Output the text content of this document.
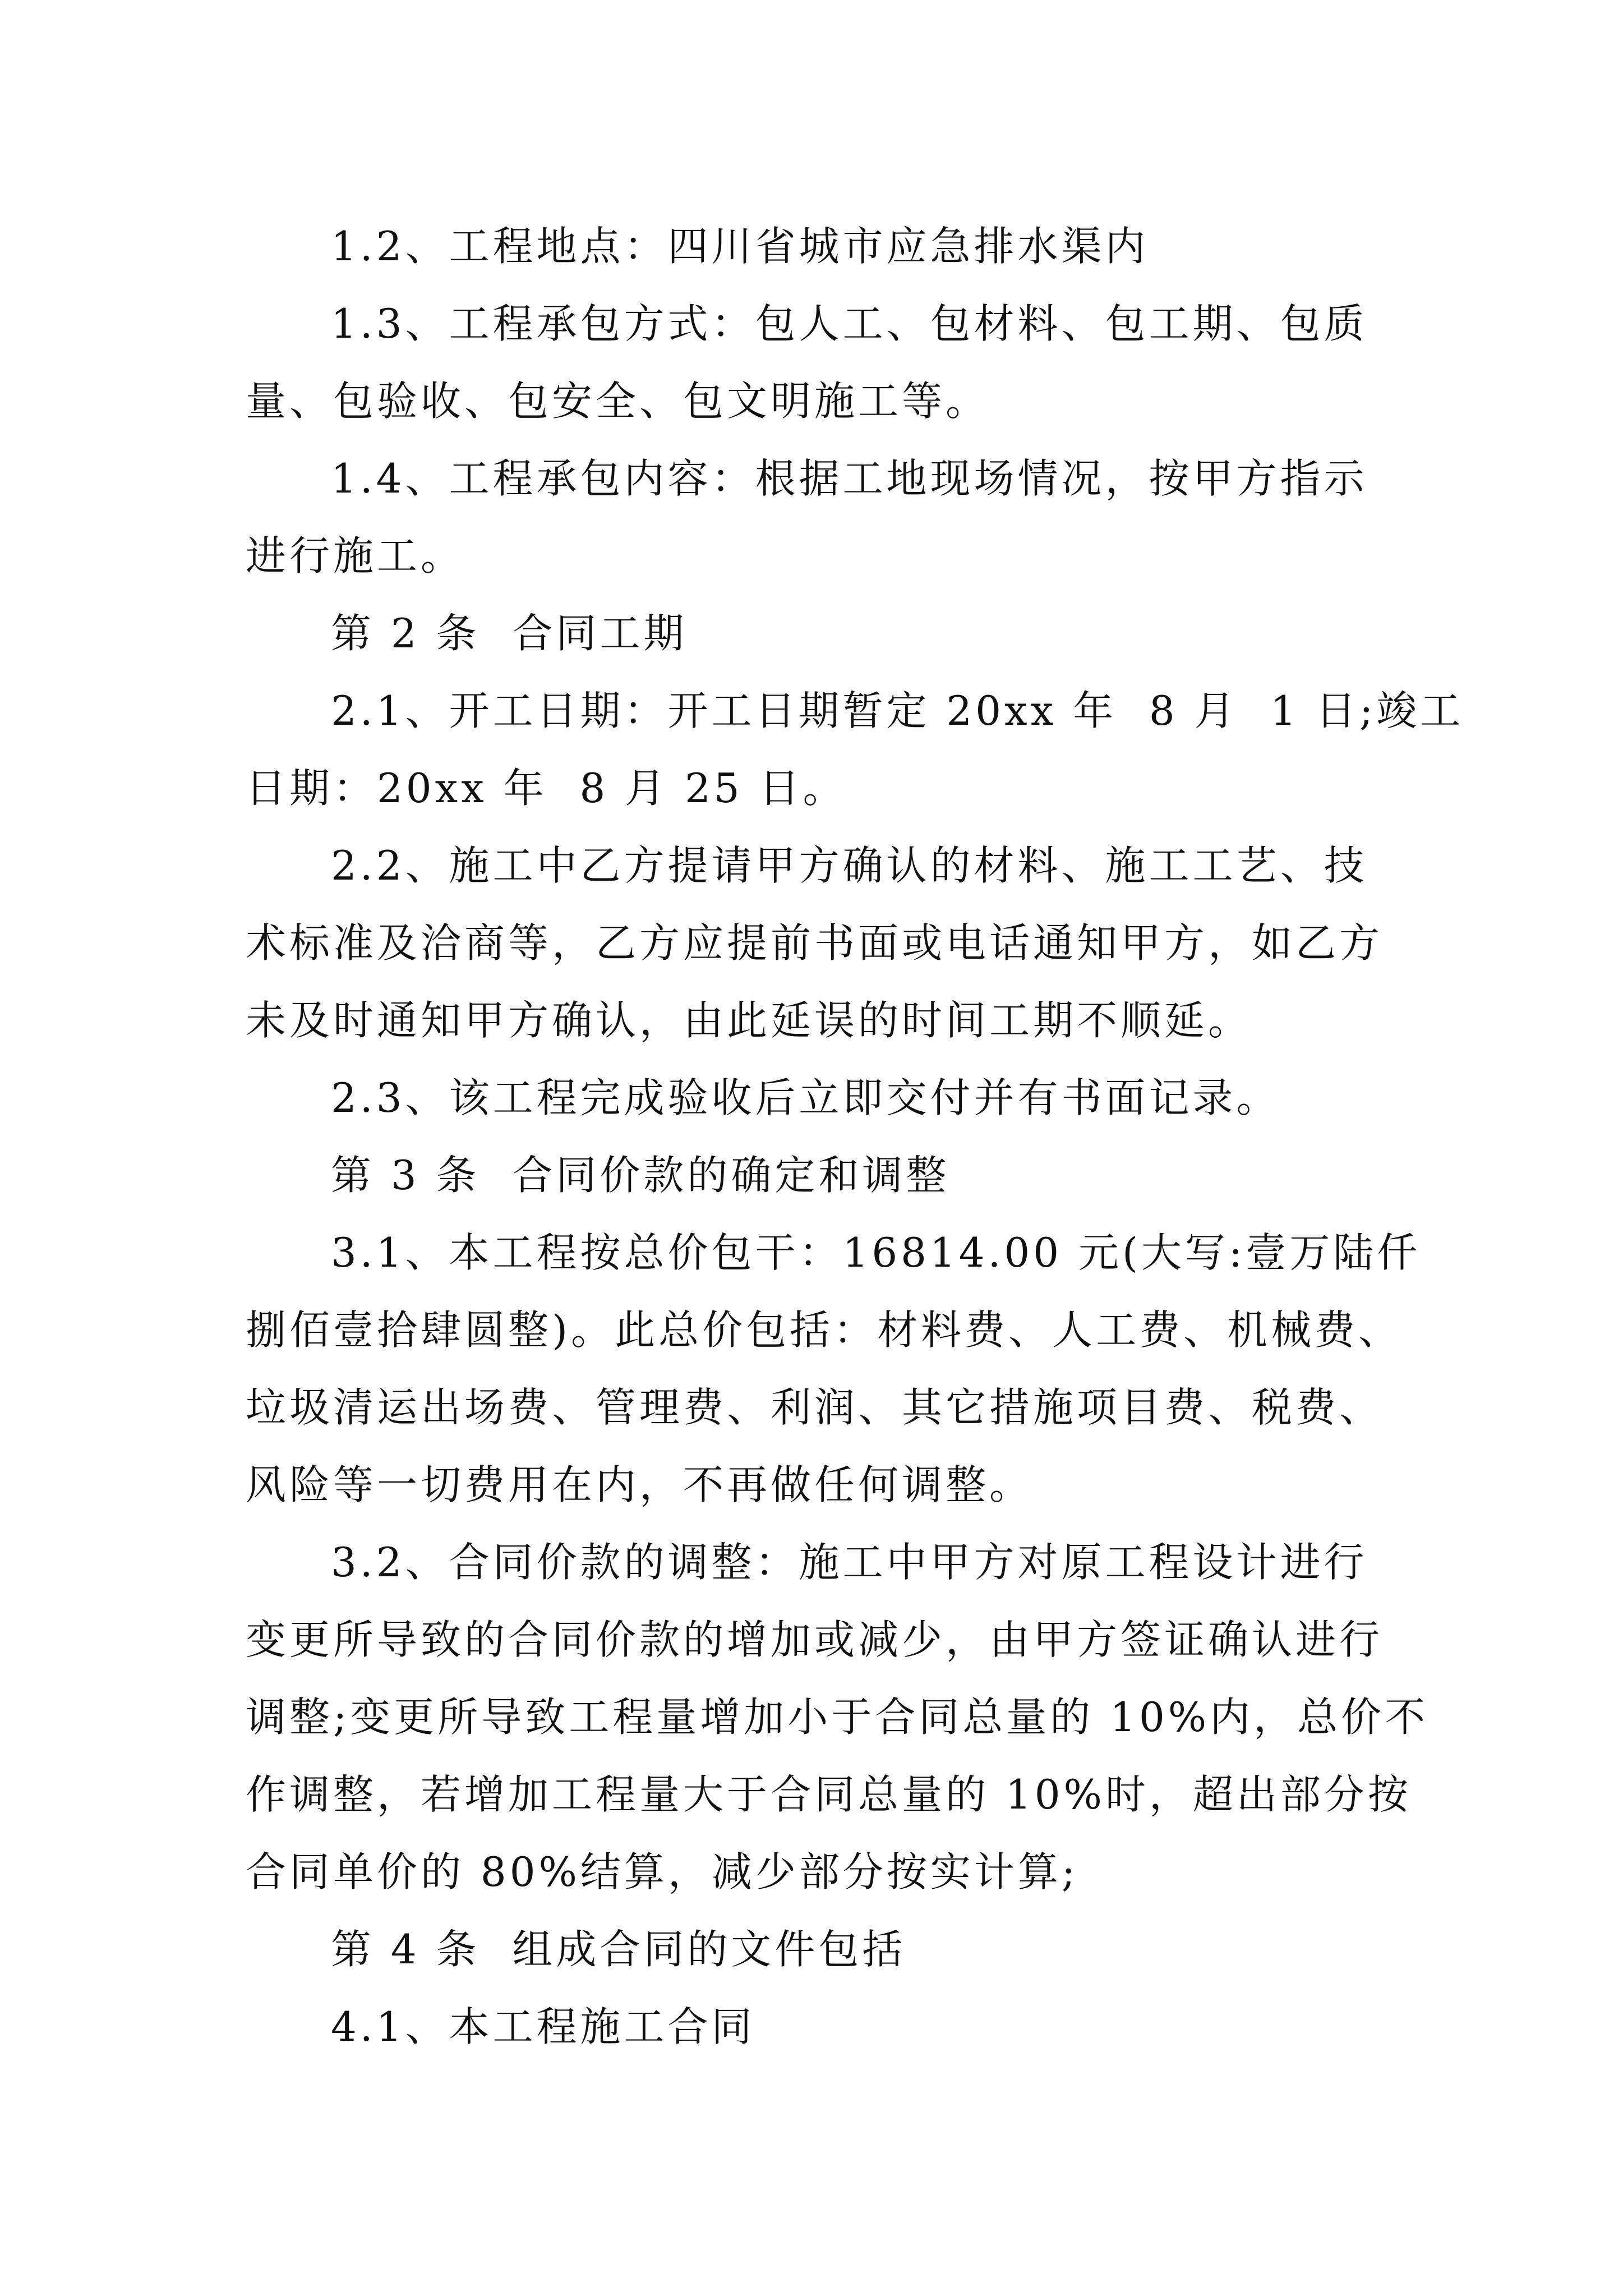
1.2、工程地点：四川省城市应急排水渠内

1.3、工程承包方式：包人工、包材料、包工期、包质

量、包验收、包安全、包文明施工等。

1.4、工程承包内容：根据工地现场情况，按甲方指示

进行施工。

第 2 条  合同工期

2.1、开工日期：开工日期暂定 20xx 年  8 月  1 日;竣工

日期：20xx 年  8 月 25 日。

2.2、施工中乙方提请甲方确认的材料、施工工艺、技

术标准及洽商等，乙方应提前书面或电话通知甲方，如乙方

未及时通知甲方确认，由此延误的时间工期不顺延。

2.3、该工程完成验收后立即交付并有书面记录。

第 3 条  合同价款的确定和调整

3.1、本工程按总价包干：16814.00 元(大写:壹万陆仟

捌佰壹拾肆圆整)。此总价包括：材料费、人工费、机械费、

垃圾清运出场费、管理费、利润、其它措施项目费、税费、

风险等一切费用在内，不再做任何调整。

3.2、合同价款的调整：施工中甲方对原工程设计进行

变更所导致的合同价款的增加或减少，由甲方签证确认进行

调整;变更所导致工程量增加小于合同总量的 10%内，总价不

作调整，若增加工程量大于合同总量的 10%时，超出部分按

合同单价的 80%结算，减少部分按实计算;

第 4 条  组成合同的文件包括

4.1、本工程施工合同
